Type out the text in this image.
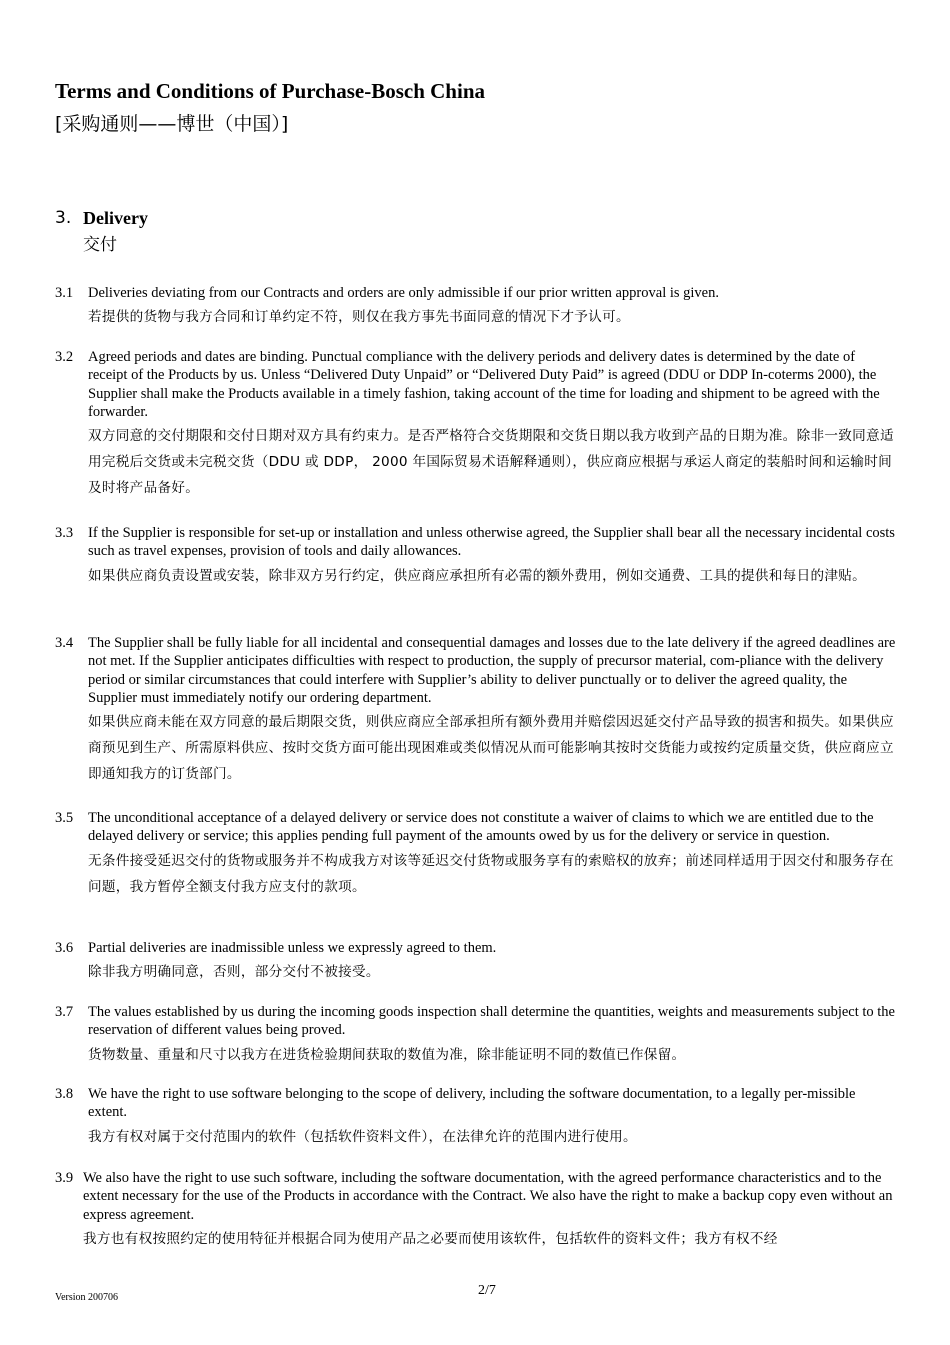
Terms and Conditions of Purchase-Bosch China
[采购通则——博世（中国）]
3. Delivery
交付
3.1 Deliveries deviating from our Contracts and orders are only admissible if our prior written approval is given.

若提供的货物与我方合同和订单约定不符，则仅在我方事先书面同意的情况下才予认可。

3.2 Agreed periods and dates are binding. Punctual compliance with the delivery periods and delivery dates is determined by the date of receipt of the Products by us. Unless “Delivered Duty Unpaid” or “Delivered Duty Paid” is agreed (DDU or DDP In-coterms 2000), the Supplier shall make the Products available in a timely fashion, taking account of the time for loading and shipment to be agreed with the forwarder.

双方同意的交付期限和交付日期对双方具有约束力。是否严格符合交货期限和交货日期以我方收到产品的日期为准。除非一致同意适用完税后交货或未完税交货（DDU 或 DDP， 2000 年国际贸易术语解释通则），供应商应根据与承运人商定的装船时间和运输时间及时将产品备好。

3.3 If the Supplier is responsible for set-up or installation and unless otherwise agreed, the Supplier shall bear all the necessary incidental costs such as travel expenses, provision of tools and daily allowances.

如果供应商负责设置或安装，除非双方另行约定，供应商应承担所有必需的额外费用，例如交通费、工具的提供和每日的津贴。

3.4 The Supplier shall be fully liable for all incidental and consequential damages and losses due to the late delivery if the agreed deadlines are not met. If the Supplier anticipates difficulties with respect to production, the supply of precursor material, com-pliance with the delivery period or similar circumstances that could interfere with Supplier’s ability to deliver punctually or to deliver the agreed quality, the Supplier must immediately notify our ordering department.

如果供应商未能在双方同意的最后期限交货，则供应商应全部承担所有额外费用并赔偿因迟延交付产品导致的损害和损失。如果供应商预见到生产、所需原料供应、按时交货方面可能出现困难或类似情况从而可能影响其按时交货能力或按约定质量交货，供应商应立即通知我方的订货部门。

3.5 The unconditional acceptance of a delayed delivery or service does not constitute a waiver of claims to which we are entitled due to the delayed delivery or service; this applies pending full payment of the amounts owed by us for the delivery or service in question.

无条件接受延迟交付的货物或服务并不构成我方对该等延迟交付货物或服务享有的索赔权的放弃；前述同样适用于因交付和服务存在问题，我方暂停全额支付我方应支付的款项。

3.6 Partial deliveries are inadmissible unless we expressly agreed to them.

除非我方明确同意，否则，部分交付不被接受。

3.7 The values established by us during the incoming goods inspection shall determine the quantities, weights and measurements subject to the reservation of different values being proved.

货物数量、重量和尺寸以我方在进货检验期间获取的数值为准，除非能证明不同的数值已作保留。

3.8 We have the right to use software belonging to the scope of delivery, including the software documentation, to a legally per-missible extent.

我方有权对属于交付范围内的软件（包括软件资料文件），在法律允许的范围内进行使用。

3.9 We also have the right to use such software, including the software documentation, with the agreed performance characteristics and to the extent necessary for the use of the Products in accordance with the Contract. We also have the right to make a backup copy even without an express agreement.

我方也有权按照约定的使用特征并根据合同为使用产品之必要而使用该软件，包括软件的资料文件；我方有权不经

2/7
Version 200706
